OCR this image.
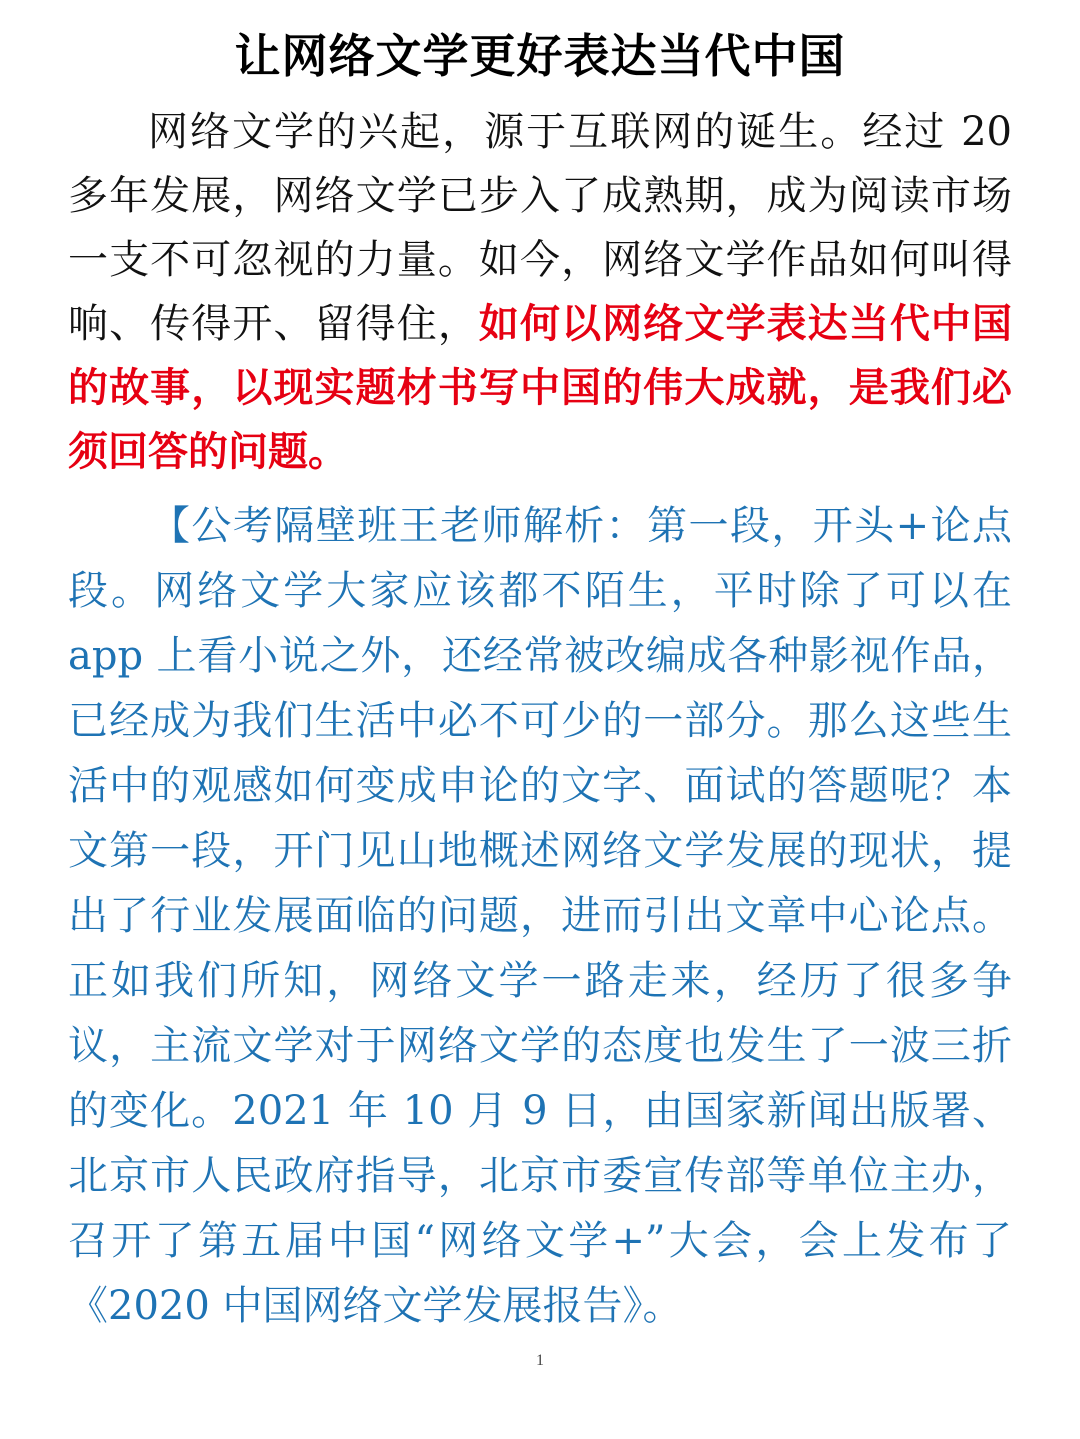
让网络文学更好表达当代中国
网络文学的兴起，源于互联网的诞生。经过 20 多年发展，网络文学已步入了成熟期，成为阅读市场一支不可忽视的力量。如今，网络文学作品如何叫得响、传得开、留得住，如何以网络文学表达当代中国的故事，以现实题材书写中国的伟大成就，是我们必须回答的问题。
【公考隔壁班王老师解析：第一段，开头+论点段。网络文学大家应该都不陌生，平时除了可以在 app 上看小说之外，还经常被改编成各种影视作品，已经成为我们生活中必不可少的一部分。那么这些生活中的观感如何变成申论的文字、面试的答题呢？本文第一段，开门见山地概述网络文学发展的现状，提出了行业发展面临的问题，进而引出文章中心论点。正如我们所知，网络文学一路走来，经历了很多争议，主流文学对于网络文学的态度也发生了一波三折的变化。2021 年 10 月 9 日，由国家新闻出版署、北京市人民政府指导，北京市委宣传部等单位主办，召开了第五届中国“网络文学+”大会，会上发布了《2020 中国网络文学发展报告》。
1
